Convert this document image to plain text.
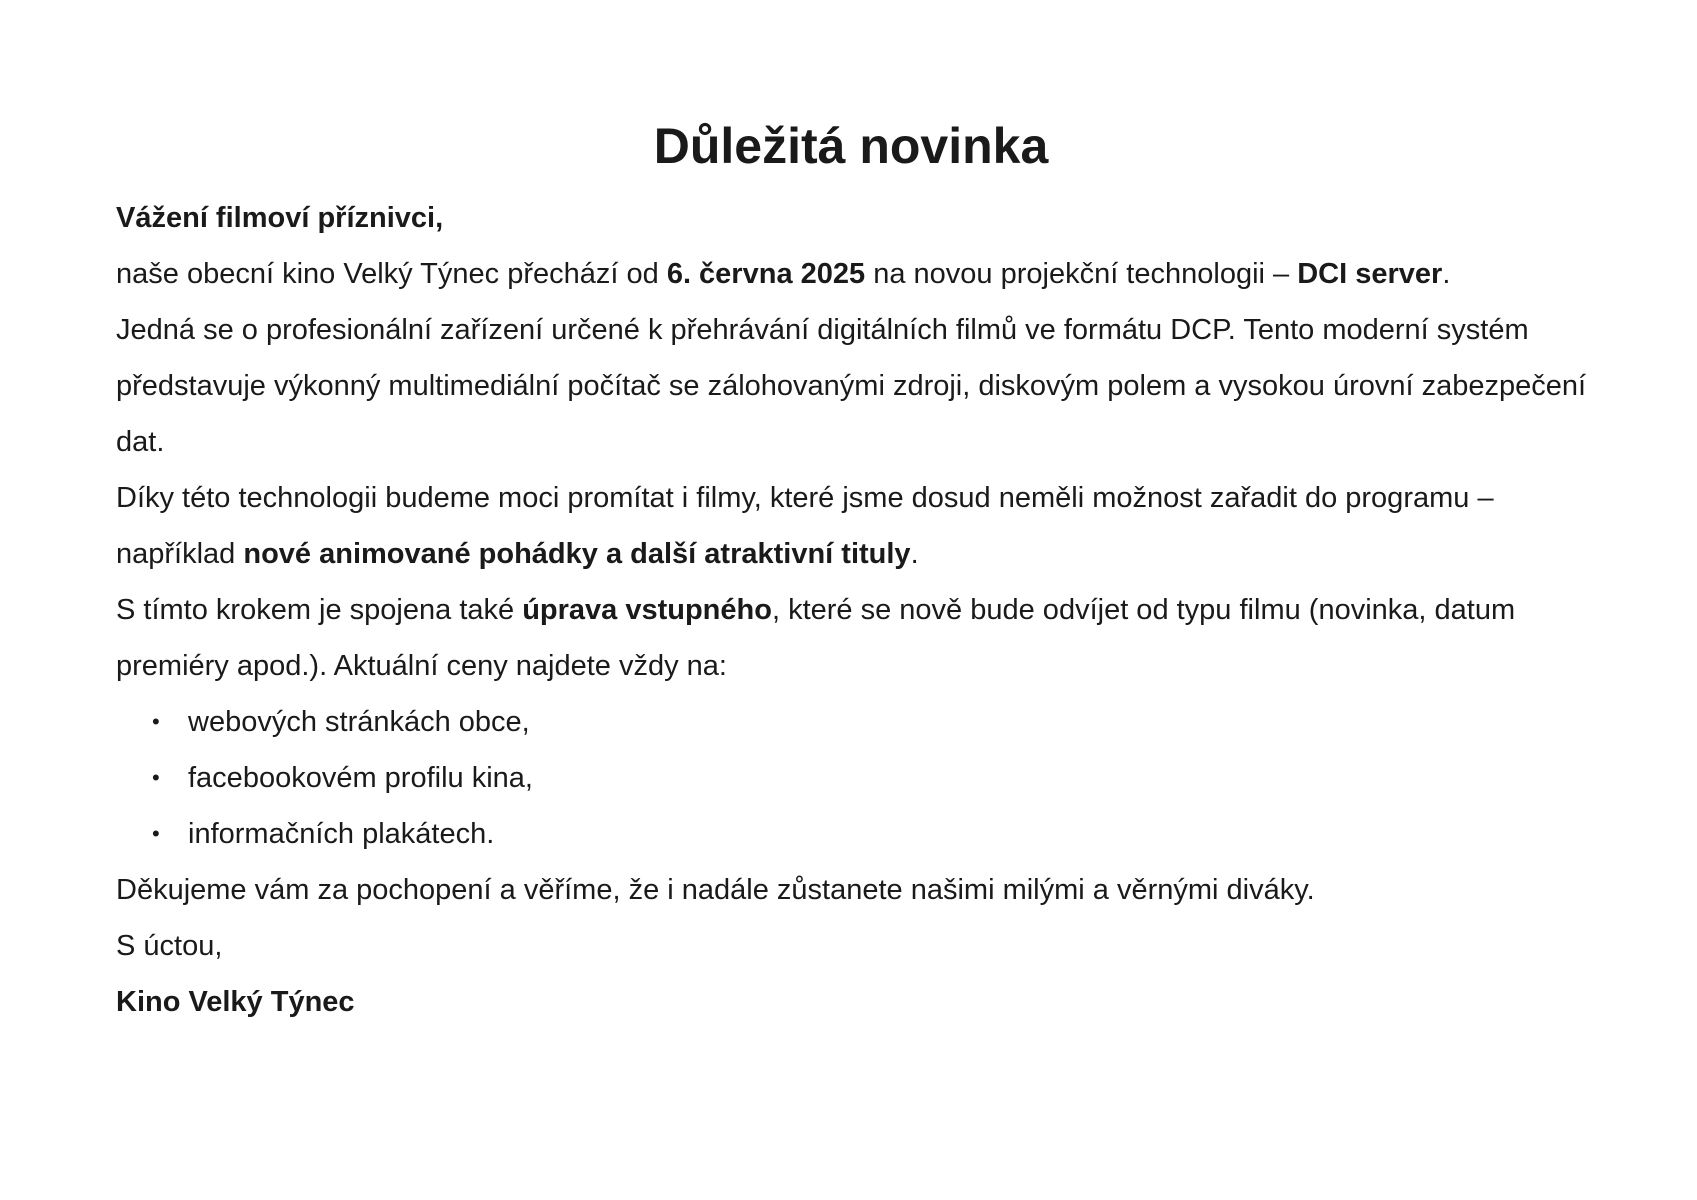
Důležitá novinka

Vážení filmoví příznivci,

naše obecní kino Velký Týnec přechází od 6. června 2025 na novou projekční technologii – DCI server.

Jedná se o profesionální zařízení určené k přehrávání digitálních filmů ve formátu DCP. Tento moderní systém představuje výkonný multimediální počítač se zálohovanými zdroji, diskovým polem a vysokou úrovní zabezpečení dat.

Díky této technologii budeme moci promítat i filmy, které jsme dosud neměli možnost zařadit do programu – například nové animované pohádky a další atraktivní tituly.

S tímto krokem je spojena také úprava vstupného, které se nově bude odvíjet od typu filmu (novinka, datum premiéry apod.). Aktuální ceny najdete vždy na:

• webových stránkách obce,
• facebookovém profilu kina,
• informačních plakátech.

Děkujeme vám za pochopení a věříme, že i nadále zůstanete našimi milými a věrnými diváky.

S úctou,

Kino Velký Týnec
